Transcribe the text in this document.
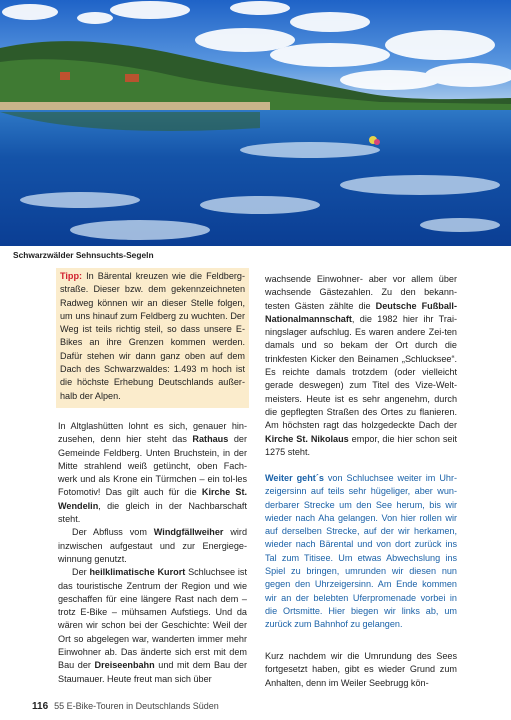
Schwarzwälder Sehnsuchts-Segeln
Tipp: In Bärental kreuzen wie die Feldberg-straße. Dieser bzw. dem gekennzeichneten Radweg können wir an dieser Stelle folgen, um uns hinauf zum Feldberg zu wuchten. Der Weg ist teils richtig steil, so dass unsere E-Bikes an ihre Grenzen kommen werden. Dafür stehen wir dann ganz oben auf dem Dach des Schwarzwaldes: 1.493 m hoch ist die höchste Erhebung Deutschlands außer-halb der Alpen.

In Altglashütten lohnt es sich, genauer hin-zusehen, denn hier steht das Rathaus der Gemeinde Feldberg. Unten Bruchstein, in der Mitte strahlend weiß getüncht, oben Fach-werk und als Krone ein Türmchen – ein tol-les Fotomotiv! Das gilt auch für die Kirche St. Wendelin, die gleich in der Nachbarschaft steht.

Der Abfluss vom Windgfällweiher wird inzwischen aufgestaut und zur Energiege-winnung genutzt.

Der heilklimatische Kurort Schluchsee ist das touristische Zentrum der Region und wie geschaffen für eine längere Rast nach dem – trotz E-Bike – mühsamen Aufstiegs. Und da wären wir schon bei der Geschichte: Weil der Ort so abgelegen war, wanderten immer mehr Einwohner ab. Das änderte sich erst mit dem Bau der Dreiseenbahn und mit dem Bau der Staumauer. Heute freut man sich über

wachsende Einwohner- aber vor allem über wachsende Gästezahlen. Zu den bekann-testen Gästen zählte die Deutsche Fußball-Nationalmannschaft, die 1982 hier ihr Trai-ningslager aufschlug. Es waren andere Zei-ten damals und so bekam der Ort durch die trinkfesten Kicker den Beinamen „Schlucksee“. Es reichte damals trotzdem (oder vielleicht gerade deswegen) zum Titel des Vize-Welt-meisters. Heute ist es sehr angenehm, durch die gepflegten Straßen des Ortes zu flanieren. Am höchsten ragt das holzgedeckte Dach der Kirche St. Nikolaus empor, die hier schon seit 1275 steht.

Weiter geht´s von Schluchsee weiter im Uhr-zeigersinn auf teils sehr hügeliger, aber wun-derbarer Strecke um den See herum, bis wir wieder nach Aha gelangen. Von hier rollen wir auf derselben Strecke, auf der wir herkamen, wieder nach Bärental und von dort zurück ins Tal zum Titisee. Um etwas Abwechslung ins Spiel zu bringen, umrunden wir diesen nun gegen den Uhrzeigersinn. Am Ende kommen wir an der belebten Uferpromenade vorbei in die Ortsmitte. Hier biegen wir links ab, um zurück zum Bahnhof zu gelangen.

Kurz nachdem wir die Umrundung des Sees fortgesetzt haben, gibt es wieder Grund zum Anhalten, denn im Weiler Seebrugg kön-

116 55 E-Bike-Touren in Deutschlands Süden
